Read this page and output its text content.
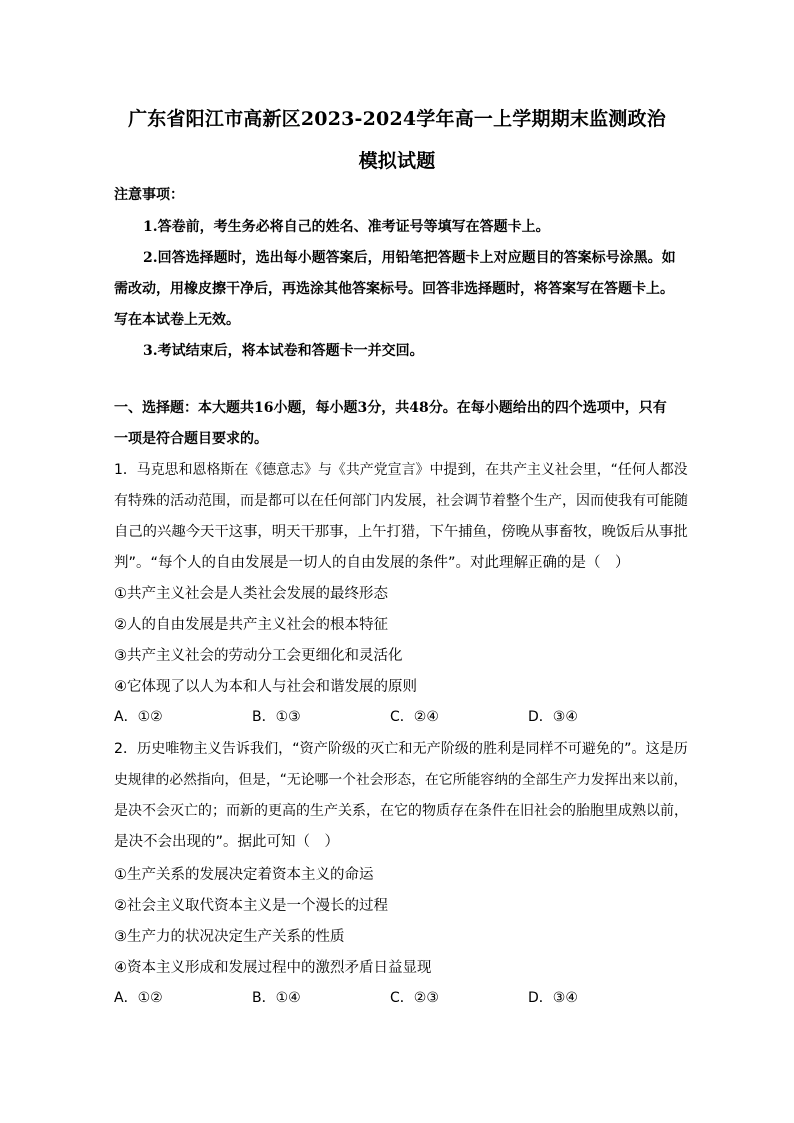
广东省阳江市高新区2023-2024学年高一上学期期末监测政治
模拟试题
注意事项：
1.答卷前，考生务必将自己的姓名、准考证号等填写在答题卡上。
2.回答选择题时，选出每小题答案后，用铅笔把答题卡上对应题目的答案标号涂黑。如
需改动，用橡皮擦干净后，再选涂其他答案标号。回答非选择题时，将答案写在答题卡上。
写在本试卷上无效。
3.考试结束后，将本试卷和答题卡一并交回。
一、选择题：本大题共16小题，每小题3分，共48分。在每小题给出的四个选项中，只有
一项是符合题目要求的。
1．马克思和恩格斯在《德意志》与《共产党宣言》中提到，在共产主义社会里，“任何人都没
有特殊的活动范围，而是都可以在任何部门内发展，社会调节着整个生产，因而使我有可能随
自己的兴趣今天干这事，明天干那事，上午打猎，下午捕鱼，傍晚从事畜牧，晚饭后从事批
判”。“每个人的自由发展是一切人的自由发展的条件”。对此理解正确的是（　）
①共产主义社会是人类社会发展的最终形态
②人的自由发展是共产主义社会的根本特征
③共产主义社会的劳动分工会更细化和灵活化
④它体现了以人为本和人与社会和谐发展的原则
A．①②	B．①③	C．②④	D．③④
2．历史唯物主义告诉我们，“资产阶级的灭亡和无产阶级的胜利是同样不可避免的”。这是历
史规律的必然指向，但是，“无论哪一个社会形态，在它所能容纳的全部生产力发挥出来以前，
是决不会灭亡的；而新的更高的生产关系，在它的物质存在条件在旧社会的胎胞里成熟以前，
是决不会出现的”。据此可知（　）
①生产关系的发展决定着资本主义的命运
②社会主义取代资本主义是一个漫长的过程
③生产力的状况决定生产关系的性质
④资本主义形成和发展过程中的激烈矛盾日益显现
A．①②	B．①④	C．②③	D．③④
